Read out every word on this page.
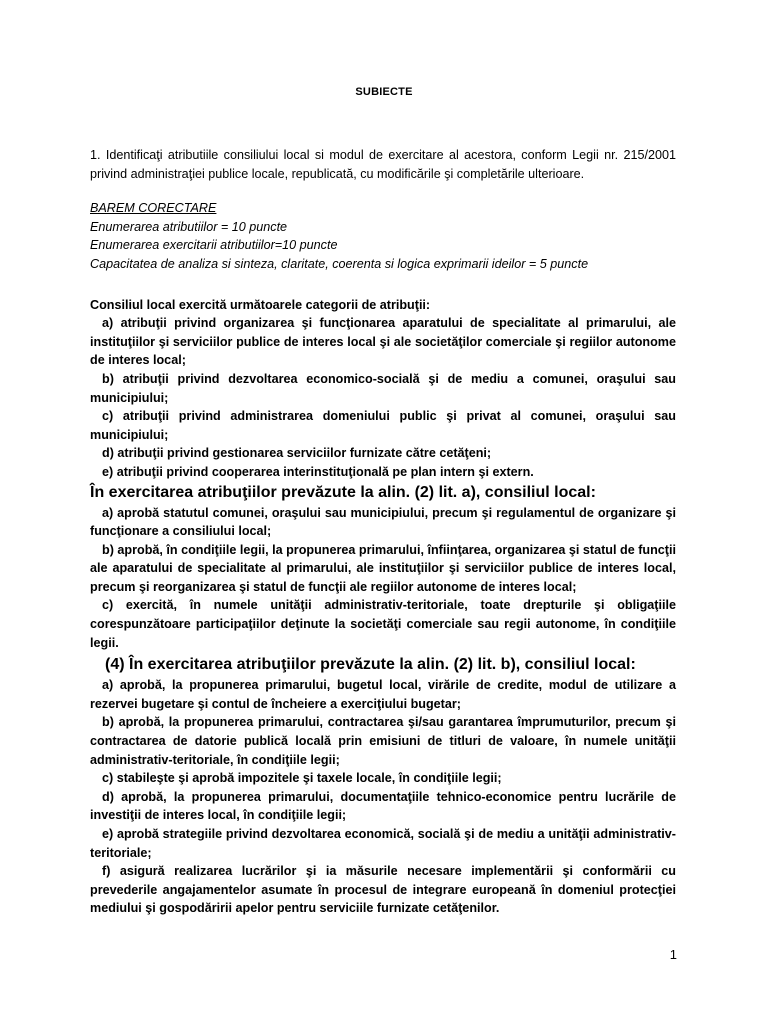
SUBIECTE

1. Identificaţi atributiile consiliului local si modul de exercitare al acestora, conform Legii nr. 215/2001 privind administraţiei publice locale, republicată, cu modificările şi completările ulterioare.

BAREM CORECTARE
Enumerarea atributiilor = 10 puncte
Enumerarea exercitarii atributiilor=10 puncte
Capacitatea de analiza si sinteza, claritate, coerenta si logica exprimarii ideilor = 5 puncte
Consiliul local exercită următoarele categorii de atribuţii:

a) atribuţii privind organizarea şi funcţionarea aparatului de specialitate al primarului, ale instituţiilor şi serviciilor publice de interes local şi ale societăţilor comerciale şi regiilor autonome de interes local;

b) atribuţii privind dezvoltarea economico-socială şi de mediu a comunei, oraşului sau municipiului;

c) atribuţii privind administrarea domeniului public şi privat al comunei, oraşului sau municipiului;

d) atribuţii privind gestionarea serviciilor furnizate către cetăţeni;

e) atribuţii privind cooperarea interinstituţională pe plan intern şi extern.

În exercitarea atribuţiilor prevăzute la alin. (2) lit. a), consiliul local:

a) aprobă statutul comunei, oraşului sau municipiului, precum şi regulamentul de organizare şi funcţionare a consiliului local;

b) aprobă, în condiţiile legii, la propunerea primarului, înfiinţarea, organizarea şi statul de funcţii ale aparatului de specialitate al primarului, ale instituţiilor şi serviciilor publice de interes local, precum şi reorganizarea şi statul de funcţii ale regiilor autonome de interes local;

c) exercită, în numele unităţii administrativ-teritoriale, toate drepturile şi obligaţiile corespunzătoare participaţiilor deţinute la societăţi comerciale sau regii autonome, în condiţiile legii.

(4) În exercitarea atribuţiilor prevăzute la alin. (2) lit. b), consiliul local:

a) aprobă, la propunerea primarului, bugetul local, virările de credite, modul de utilizare a rezervei bugetare şi contul de încheiere a exerciţiului bugetar;

b) aprobă, la propunerea primarului, contractarea şi/sau garantarea împrumuturilor, precum şi contractarea de datorie publică locală prin emisiuni de titluri de valoare, în numele unităţii administrativ-teritoriale, în condiţiile legii;

c) stabileşte şi aprobă impozitele şi taxele locale, în condiţiile legii;

d) aprobă, la propunerea primarului, documentaţiile tehnico-economice pentru lucrările de investiţii de interes local, în condiţiile legii;

e) aprobă strategiile privind dezvoltarea economică, socială şi de mediu a unităţii administrativ-teritoriale;

f) asigură realizarea lucrărilor şi ia măsurile necesare implementării şi conformării cu prevederile angajamentelor asumate în procesul de integrare europeană în domeniul protecţiei mediului şi gospodăririi apelor pentru serviciile furnizate cetăţenilor.

1
